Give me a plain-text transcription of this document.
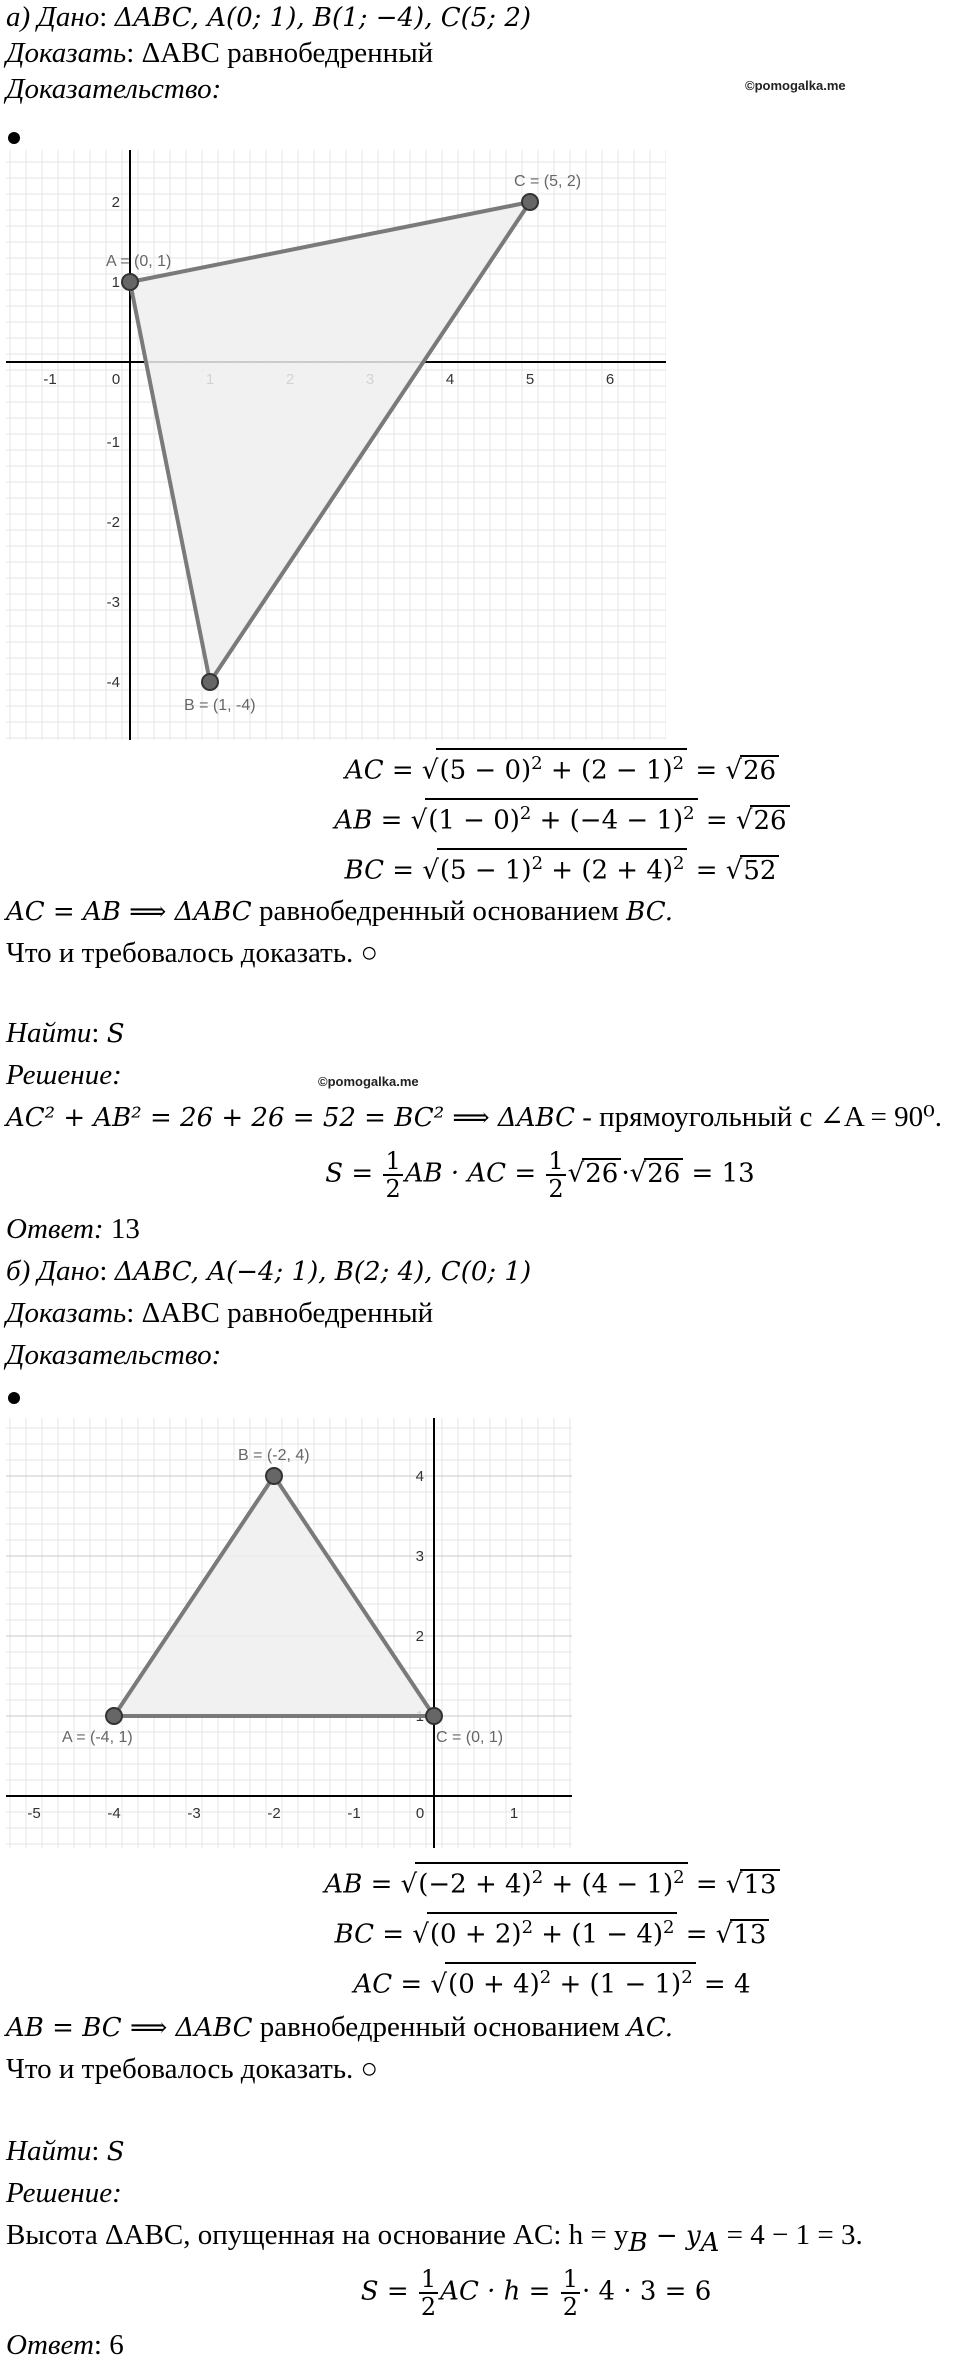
а) Дано: ΔABC, A(0; 1), B(1; −4), C(5; 2)
Доказать: ΔABC равнобедренный
Доказательство:	©pomogalka.me
-1	0	4	5	6
2
1
-1
-2
-3
-4
A = (0, 1)
B = (1, -4)
C = (5, 2)
AC = $√(5 - 0)^2 + (2 - 1)^2 = √26$
AB = $√(1 - 0)^2 + (-4 - 1)^2 = √26$
BC = $√(5 - 1)^2 + (2 + 4)^2 = √52$
AC = AB ⟹ ΔABC равнобедренный основанием BC.
Что и требовалось доказать. ○
Найти: S
Решение:	©pomogalka.me
AC² + AB² = 26 + 26 = 52 = BC² ⟹ ΔABC - прямоугольный с ∠A = 90⁰.
$S = \frac{1}{2}$ AB · AC = $\frac{1}{2} √26 \cdot√26 = 13$
Ответ: 13
б) Дано: ΔABC, A(−4; 1), B(2; 4), C(0; 1)
Доказать: ΔABC равнобедренный
Доказательство:
-5	-4	-3	-2	-1	0	1
4
3
2
A = (-4, 1)
B = (-2, 4)
C = (0, 1)
AB = $√(-2 + 4)^2 + (4 - 1)^2 = √13$
BC = $√(0 + 2)^2 + (1 - 4)^2 = √13$
AC = $√(0 + 4)^2 + (1 - 1)^2 = 4$
AB = BC ⟹ ΔABC равнобедренный основанием AC.
Что и требовалось доказать. ○
Найти: S
Решение:
Высота ΔABC, опущенная на основание AC: $h = y_B - y_A = 4 - 1 = 3$.
$S = \frac{1}{2}$ AC · $h = \frac{1}{2} \cdot 4 \cdot 3 = 6$
Ответ: 6
